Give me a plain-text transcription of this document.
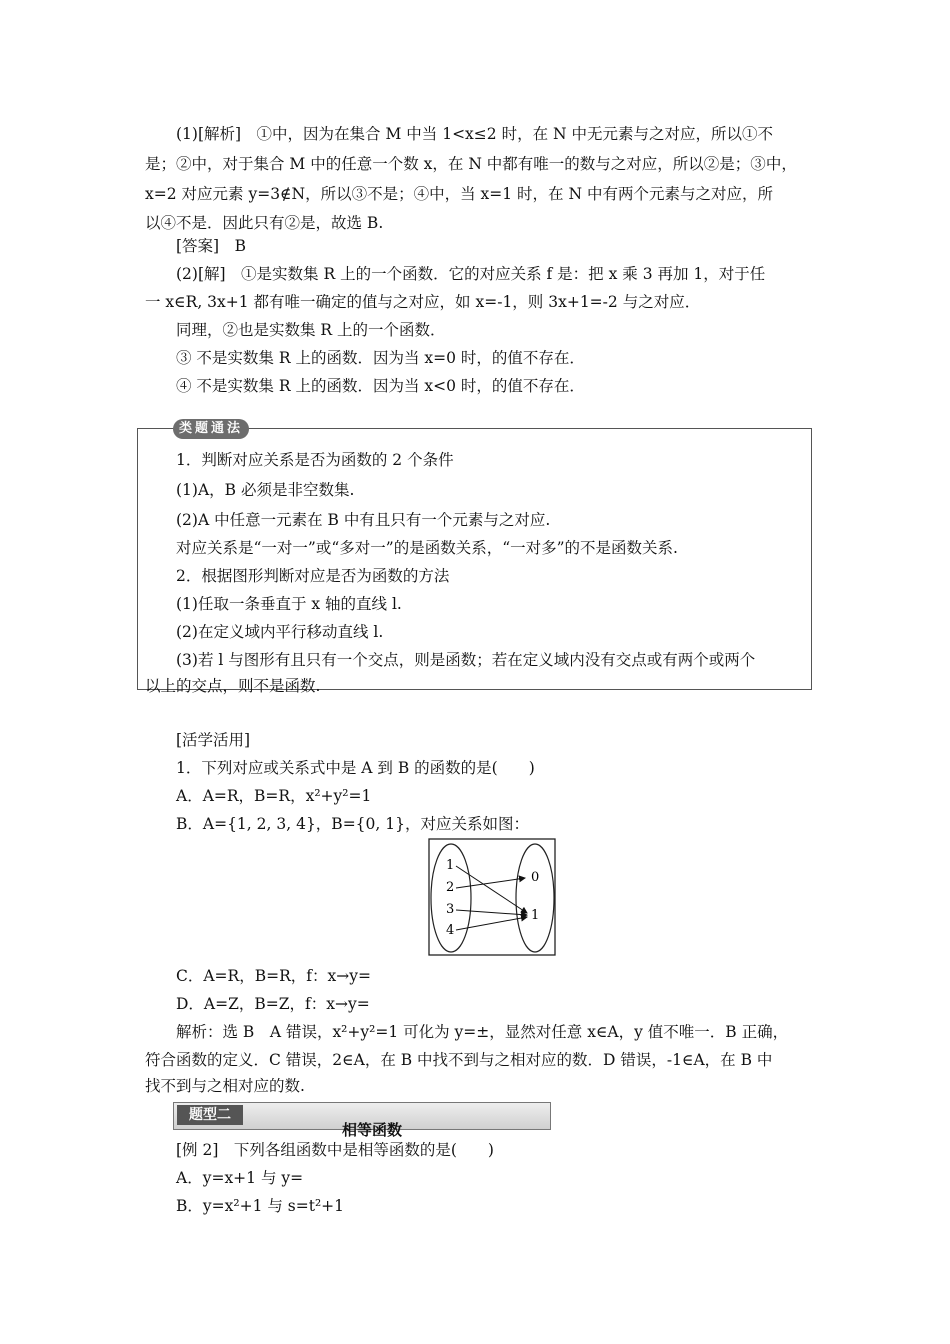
(1)[解析]　①中，因为在集合 M 中当 1<x≤2 时，在 N 中无元素与之对应，所以①不
是；②中，对于集合 M 中的任意一个数 x，在 N 中都有唯一的数与之对应，所以②是；③中，
x=2 对应元素 y=3∉N，所以③不是；④中，当 x=1 时，在 N 中有两个元素与之对应，所
以④不是．因此只有②是，故选 B.
[答案]　B
(2)[解]　①是实数集 R 上的一个函数．它的对应关系 f 是：把 x 乘 3 再加 1，对于任
一 x∈R, 3x+1 都有唯一确定的值与之对应，如 x=-1，则 3x+1=-2 与之对应．
同理，②也是实数集 R 上的一个函数．
③ 不是实数集 R 上的函数．因为当 x=0 时，的值不存在．
④ 不是实数集 R 上的函数．因为当 x<0 时，的值不存在．
类题通法
1．判断对应关系是否为函数的 2 个条件
(1)A，B 必须是非空数集.
(2)A 中任意一元素在 B 中有且只有一个元素与之对应.
对应关系是“一对一”或“多对一”的是函数关系，“一对多”的不是函数关系.
2．根据图形判断对应是否为函数的方法
(1)任取一条垂直于 x 轴的直线 l.
(2)在定义域内平行移动直线 l.
(3)若 l 与图形有且只有一个交点，则是函数；若在定义域内没有交点或有两个或两个
以上的交点，则不是函数.
[活学活用]
1．下列对应或关系式中是 A 到 B 的函数的是(　　)
A．A=R，B=R，x²+y²=1
B．A={1, 2, 3, 4}，B={0, 1}，对应关系如图：
1
2
3
4
0
1
C．A=R，B=R，f：x→y=
D．A=Z，B=Z，f：x→y=
解析：选 B　A 错误，x²+y²=1 可化为 y=±，显然对任意 x∈A，y 值不唯一．B 正确，
符合函数的定义．C 错误，2∈A，在 B 中找不到与之相对应的数．D 错误，-1∈A，在 B 中
找不到与之相对应的数.
题型二
相等函数
[例 2]　下列各组函数中是相等函数的是(　　)
A．y=x+1 与 y=
B．y=x²+1 与 s=t²+1
